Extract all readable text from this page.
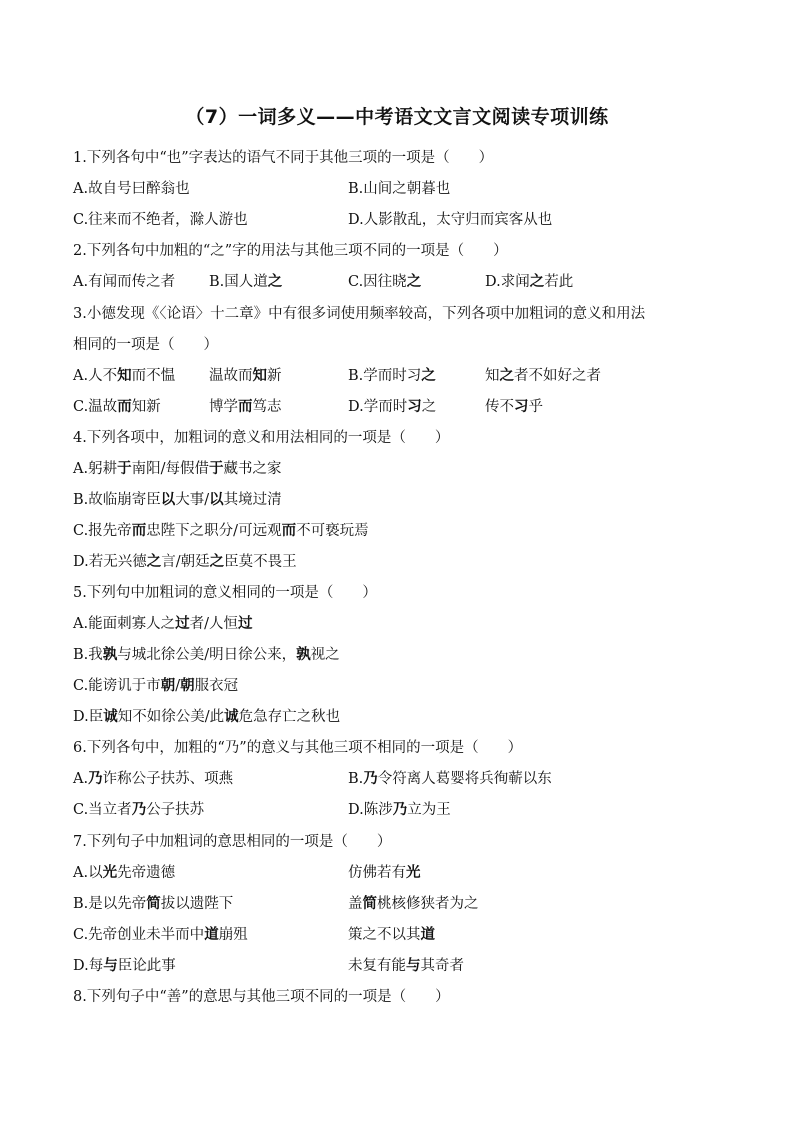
（7）一词多义——中考语文文言文阅读专项训练
1.下列各句中“也”字表达的语气不同于其他三项的一项是（　　）
A.故自号曰醉翁也	B.山间之朝暮也
C.往来而不绝者，滁人游也	D.人影散乱，太守归而宾客从也
2.下列各句中加粗的“之”字的用法与其他三项不同的一项是（　　）
A.有闻而传之者 B.国人道之	C.因往晓之	D.求闻之若此
3.小德发现《〈论语〉十二章》中有很多词使用频率较高，下列各项中加粗词的意义和用法
相同的一项是（　　）
A.人不知而不愠 温故而知新	B.学而时习之	知之者不如好之者
C.温故而知新	博学而笃志	D.学而时习之	传不习乎
4.下列各项中，加粗词的意义和用法相同的一项是（　　）
A.躬耕于南阳/每假借于藏书之家
B.故临崩寄臣以大事/以其境过清
C.报先帝而忠陛下之职分/可远观而不可亵玩焉
D.若无兴德之言/朝廷之臣莫不畏王
5.下列句中加粗词的意义相同的一项是（　　）
A.能面刺寡人之过者/人恒过
B.我孰与城北徐公美/明日徐公来，孰视之
C.能谤讥于市朝/朝服衣冠
D.臣诚知不如徐公美/此诚危急存亡之秋也
6.下列各句中，加粗的“乃”的意义与其他三项不相同的一项是（　　）
A.乃诈称公子扶苏、项燕	B.乃令符离人葛婴将兵徇蕲以东
C.当立者乃公子扶苏	D.陈涉乃立为王
7.下列句子中加粗词的意思相同的一项是（　　）
A.以光先帝遗德	仿佛若有光
B.是以先帝简拔以遗陛下	盖简桃核修狭者为之
C.先帝创业未半而中道崩殂	策之不以其道
D.每与臣论此事	未复有能与其奇者
8.下列句子中“善”的意思与其他三项不同的一项是（　　）
